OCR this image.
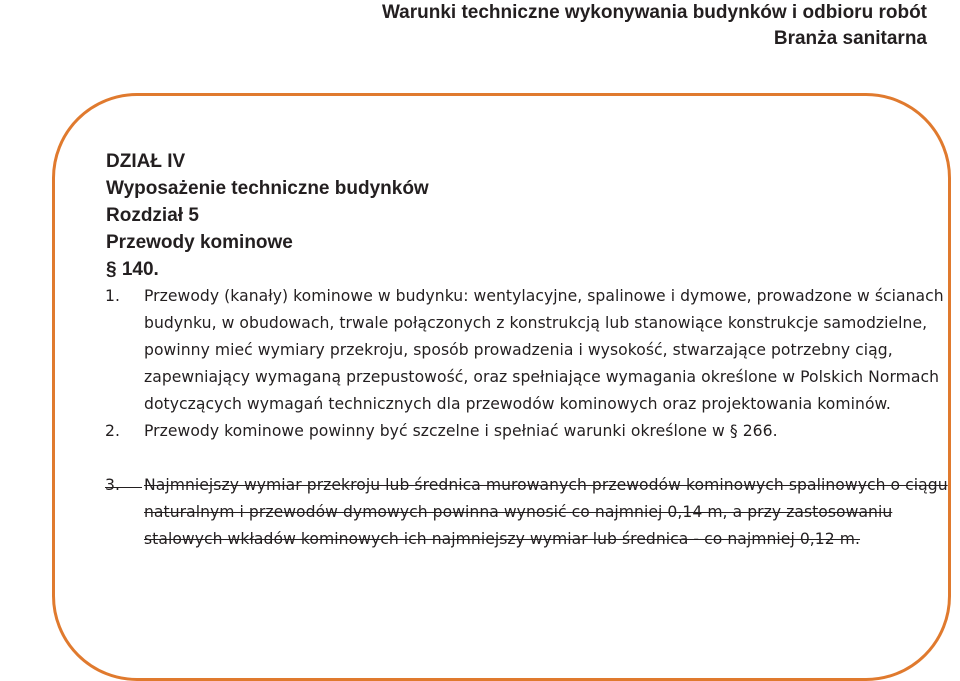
Warunki techniczne wykonywania budynków i odbioru robót
Branża sanitarna
DZIAŁ IV
Wyposażenie techniczne budynków
Rozdział 5
Przewody kominowe
§ 140.
1. Przewody (kanały) kominowe w budynku: wentylacyjne, spalinowe i dymowe, prowadzone w ścianach budynku, w obudowach, trwale połączonych z konstrukcją lub stanowiące konstrukcje samodzielne, powinny mieć wymiary przekroju, sposób prowadzenia i wysokość, stwarzające potrzebny ciąg, zapewniający wymaganą przepustowość, oraz spełniające wymagania określone w Polskich Normach dotyczących wymagań technicznych dla przewodów kominowych oraz projektowania kominów.
2. Przewody kominowe powinny być szczelne i spełniać warunki określone w § 266.
3. Najmniejszy wymiar przekroju lub średnica murowanych przewodów kominowych spalinowych o ciągu naturalnym i przewodów dymowych powinna wynosić co najmniej 0,14 m, a przy zastosowaniu stalowych wkładów kominowych ich najmniejszy wymiar lub średnica - co najmniej 0,12 m.
